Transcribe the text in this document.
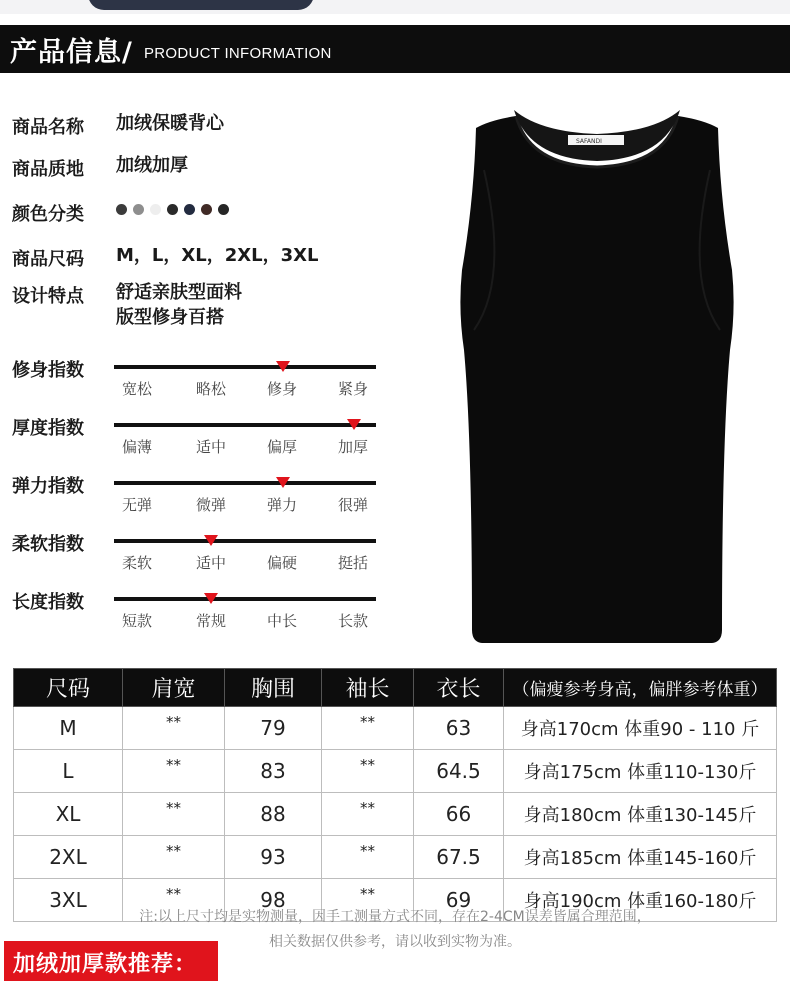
产品信息/ PRODUCT INFORMATION
商品名称 加绒保暖背心
商品质地 加绒加厚
颜色分类
商品尺码 M，L，XL，2XL，3XL
设计特点 舒适亲肤型面料
版型修身百搭
修身指数
宽松	略松	修身	紧身
厚度指数
偏薄	适中	偏厚	加厚
弹力指数
无弹	微弹	弹力	很弹
柔软指数
柔软	适中	偏硬	挺括
长度指数
短款	常规	中长	长款
SAFANDI
尺码	肩宽	胸围	袖长	衣长	（偏瘦参考身高，偏胖参考体重）
M	**	79	**	63	身高170cm 体重90 - 110 斤
L	**	83	**	64.5	身高175cm 体重110-130斤
XL	**	88	**	66	身高180cm 体重130-145斤
2XL	**	93	**	67.5	身高185cm 体重145-160斤
3XL	**	98	**	69	身高190cm 体重160-180斤
注:以上尺寸均是实物测量，因手工测量方式不同，存在2-4CM误差皆属合理范围，
相关数据仅供参考，请以收到实物为准。
加绒加厚款推荐：
